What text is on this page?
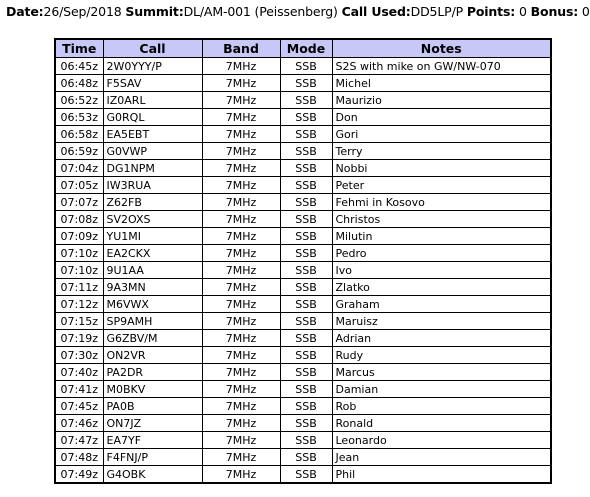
Date:26/Sep/2018 Summit:DL/AM-001 (Peissenberg) Call Used:DD5LP/P Points: 0 Bonus: 0
Time	Call	Band	Mode	Notes
06:45z	2W0YYY/P	7MHz	SSB	S2S with mike on GW/NW-070
06:48z	F5SAV	7MHz	SSB	Michel
06:52z	IZ0ARL	7MHz	SSB	Maurizio
06:53z	G0RQL	7MHz	SSB	Don
06:58z	EA5EBT	7MHz	SSB	Gori
06:59z	G0VWP	7MHz	SSB	Terry
07:04z	DG1NPM	7MHz	SSB	Nobbi
07:05z	IW3RUA	7MHz	SSB	Peter
07:07z	Z62FB	7MHz	SSB	Fehmi in Kosovo
07:08z	SV2OXS	7MHz	SSB	Christos
07:09z	YU1MI	7MHz	SSB	Milutin
07:10z	EA2CKX	7MHz	SSB	Pedro
07:10z	9U1AA	7MHz	SSB	Ivo
07:11z	9A3MN	7MHz	SSB	Zlatko
07:12z	M6VWX	7MHz	SSB	Graham
07:15z	SP9AMH	7MHz	SSB	Maruisz
07:19z	G6ZBV/M	7MHz	SSB	Adrian
07:30z	ON2VR	7MHz	SSB	Rudy
07:40z	PA2DR	7MHz	SSB	Marcus
07:41z	M0BKV	7MHz	SSB	Damian
07:45z	PA0B	7MHz	SSB	Rob
07:46z	ON7JZ	7MHz	SSB	Ronald
07:47z	EA7YF	7MHz	SSB	Leonardo
07:48z	F4FNJ/P	7MHz	SSB	Jean
07:49z	G4OBK	7MHz	SSB	Phil
